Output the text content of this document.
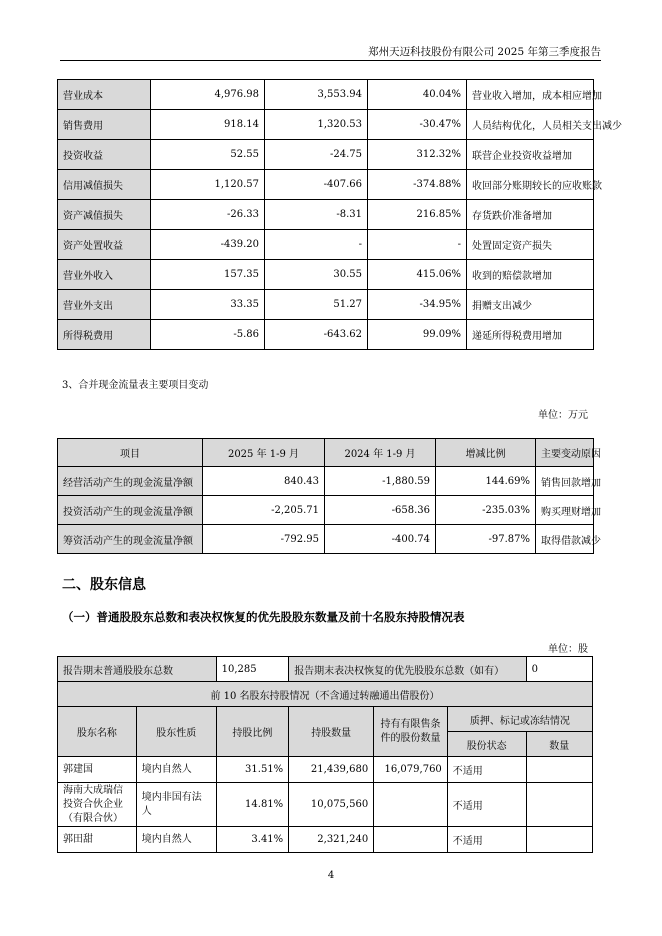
郑州天迈科技股份有限公司 2025 年第三季度报告
营业成本	4,976.98	3,553.94	40.04%	营业收入增加，成本相应增加
销售费用	918.14	1,320.53	-30.47%	人员结构优化，人员相关支出减少
投资收益	52.55	-24.75	312.32%	联营企业投资收益增加
信用减值损失	1,120.57	-407.66	-374.88%	收回部分账期较长的应收账款
资产减值损失	-26.33	-8.31	216.85%	存货跌价准备增加
资产处置收益	-439.20	-	-	处置固定资产损失
营业外收入	157.35	30.55	415.06%	收到的赔偿款增加
营业外支出	33.35	51.27	-34.95%	捐赠支出减少
所得税费用	-5.86	-643.62	99.09%	递延所得税费用增加
3、合并现金流量表主要项目变动
单位：万元
项目	2025 年 1-9 月	2024 年 1-9 月	增减比例	主要变动原因
经营活动产生的现金流量净额	840.43	-1,880.59	144.69%	销售回款增加
投资活动产生的现金流量净额	-2,205.71	-658.36	-235.03%	购买理财增加
筹资活动产生的现金流量净额	-792.95	-400.74	-97.87%	取得借款减少
二、股东信息
（一）普通股股东总数和表决权恢复的优先股股东数量及前十名股东持股情况表
单位：股
报告期末普通股股东总数		10,285	报告期末表决权恢复的优先股股东总数（如有）			0
前 10 名股东持股情况（不含通过转融通出借股份）						
股东名称	股东性质	持股比例	持股数量	持有有限售条件的股份数量	质押、标记或冻结情况	
					股份状态	数量
郭建国	境内自然人	31.51%	21,439,680	16,079,760	不适用	
海南大成瑞信投资合伙企业（有限合伙）	境内非国有法人	14.81%	10,075,560		不适用	
郭田甜	境内自然人	3.41%	2,321,240		不适用	
4
